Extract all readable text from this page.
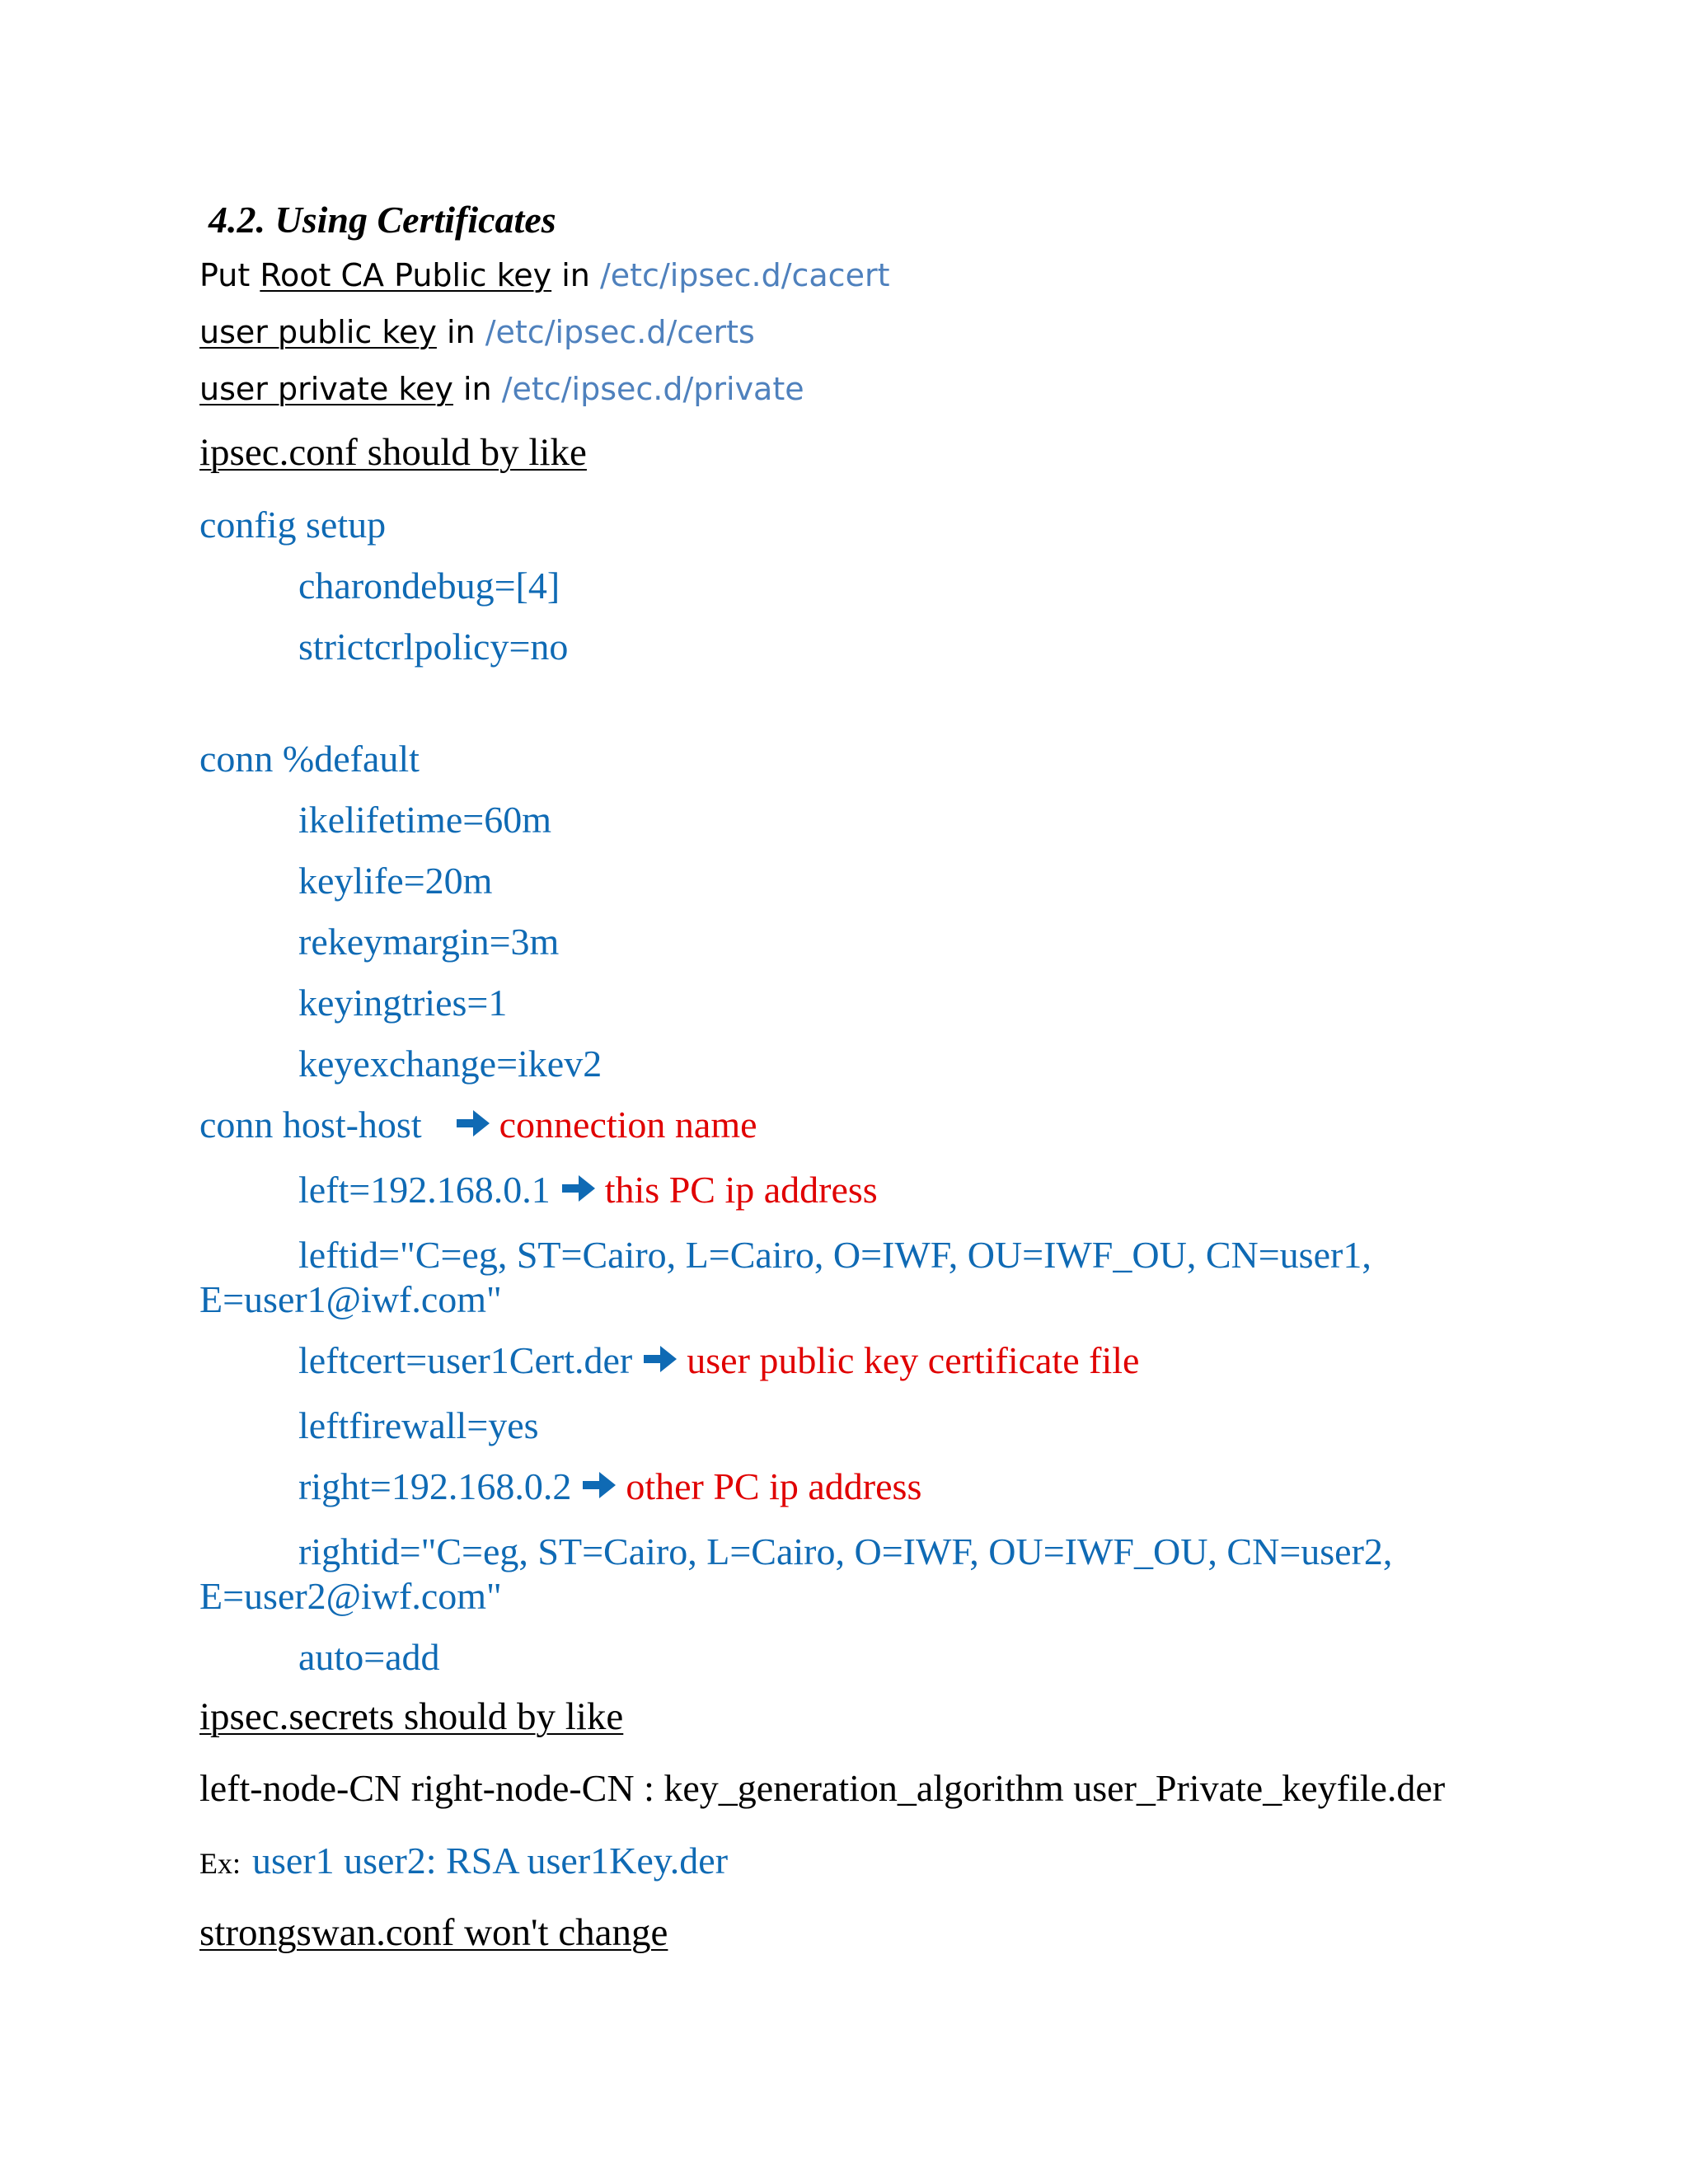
4.2. Using Certificates
Put Root CA Public key in /etc/ipsec.d/cacert
user public key in /etc/ipsec.d/certs
user private key in /etc/ipsec.d/private
ipsec.conf should by like
config setup
charondebug=[4]
strictcrlpolicy=no
conn %default
ikelifetime=60m
keylife=20m
rekeymargin=3m
keyingtries=1
keyexchange=ikev2
conn host-host connection name
left=192.168.0.1 this PC ip address
leftid="C=eg, ST=Cairo, L=Cairo, O=IWF, OU=IWF_OU, CN=user1,
E=user1@iwf.com"
leftcert=user1Cert.der user public key certificate file
leftfirewall=yes
right=192.168.0.2 other PC ip address
rightid="C=eg, ST=Cairo, L=Cairo, O=IWF, OU=IWF_OU, CN=user2,
E=user2@iwf.com"
auto=add
ipsec.secrets should by like
left-node-CN right-node-CN : key_generation_algorithm user_Private_keyfile.der
Ex: user1 user2: RSA user1Key.der
strongswan.conf won't change
